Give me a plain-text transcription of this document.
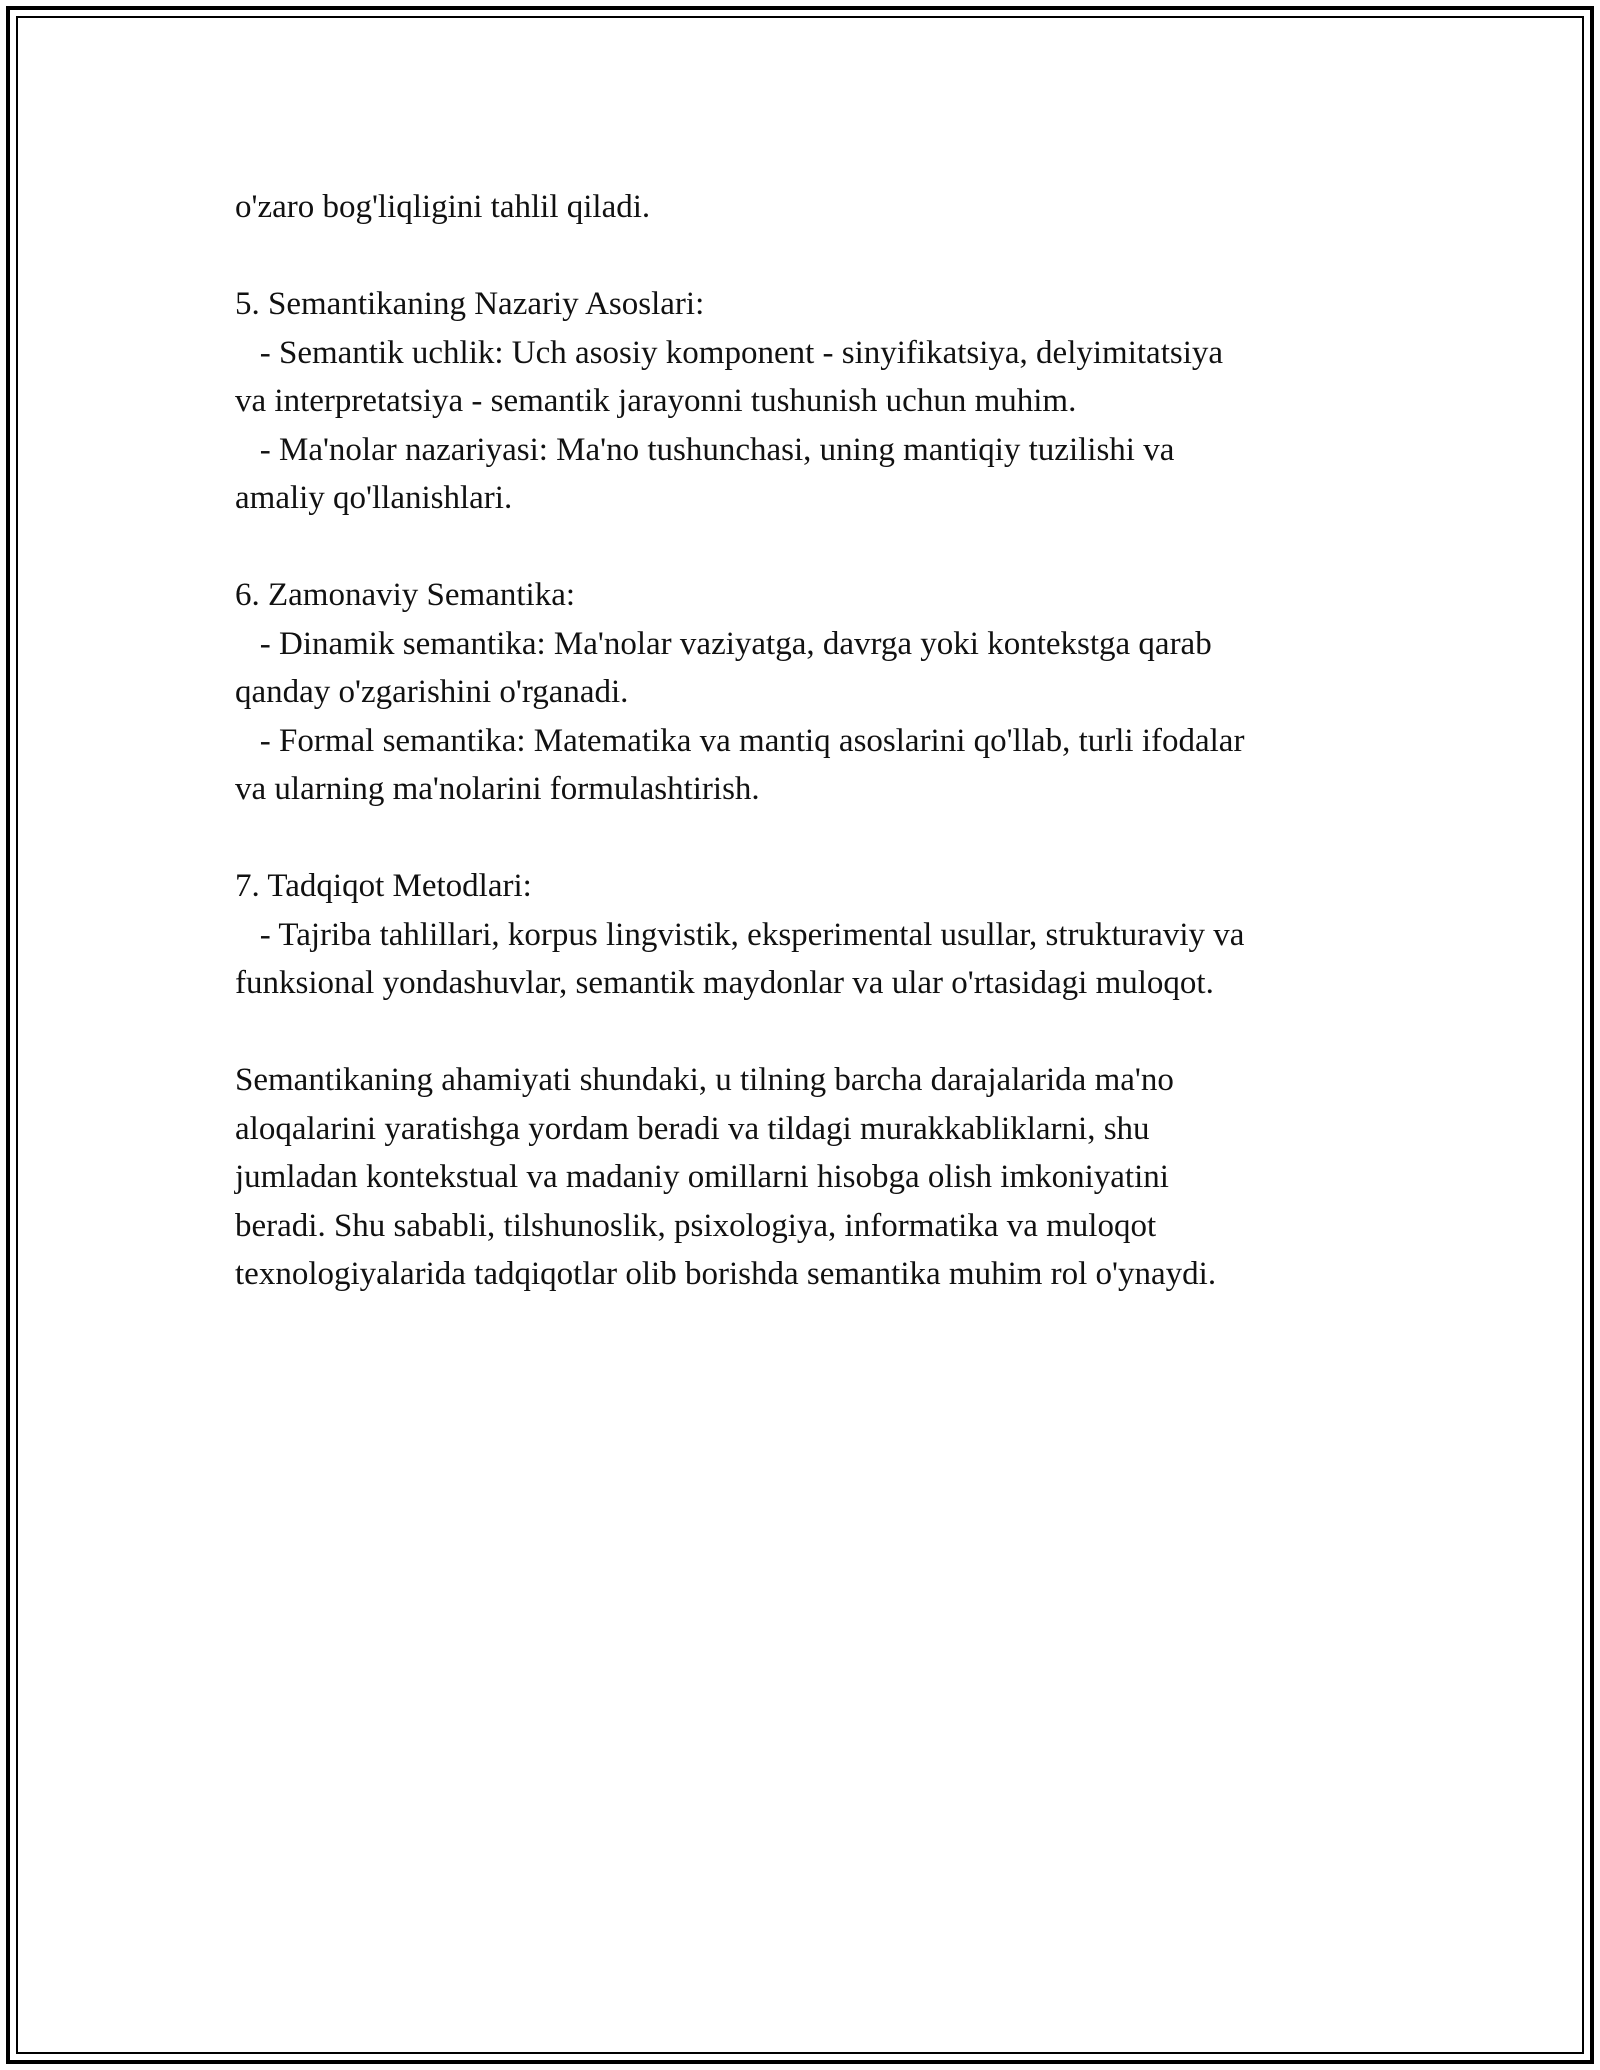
o'zaro bog'liqligini tahlil qiladi.
5. Semantikaning Nazariy Asoslari:
- Semantik uchlik: Uch asosiy komponent - sinyifikatsiya, delyimitatsiya
va interpretatsiya - semantik jarayonni tushunish uchun muhim.
- Ma'nolar nazariyasi: Ma'no tushunchasi, uning mantiqiy tuzilishi va
amaliy qo'llanishlari.
6. Zamonaviy Semantika:
- Dinamik semantika: Ma'nolar vaziyatga, davrga yoki kontekstga qarab
qanday o'zgarishini o'rganadi.
- Formal semantika: Matematika va mantiq asoslarini qo'llab, turli ifodalar
va ularning ma'nolarini formulashtirish.
7. Tadqiqot Metodlari:
- Tajriba tahlillari, korpus lingvistik, eksperimental usullar, strukturaviy va
funksional yondashuvlar, semantik maydonlar va ular o'rtasidagi muloqot.
Semantikaning ahamiyati shundaki, u tilning barcha darajalarida ma'no
aloqalarini yaratishga yordam beradi va tildagi murakkabliklarni, shu
jumladan kontekstual va madaniy omillarni hisobga olish imkoniyatini
beradi. Shu sababli, tilshunoslik, psixologiya, informatika va muloqot
texnologiyalarida tadqiqotlar olib borishda semantika muhim rol o'ynaydi.
